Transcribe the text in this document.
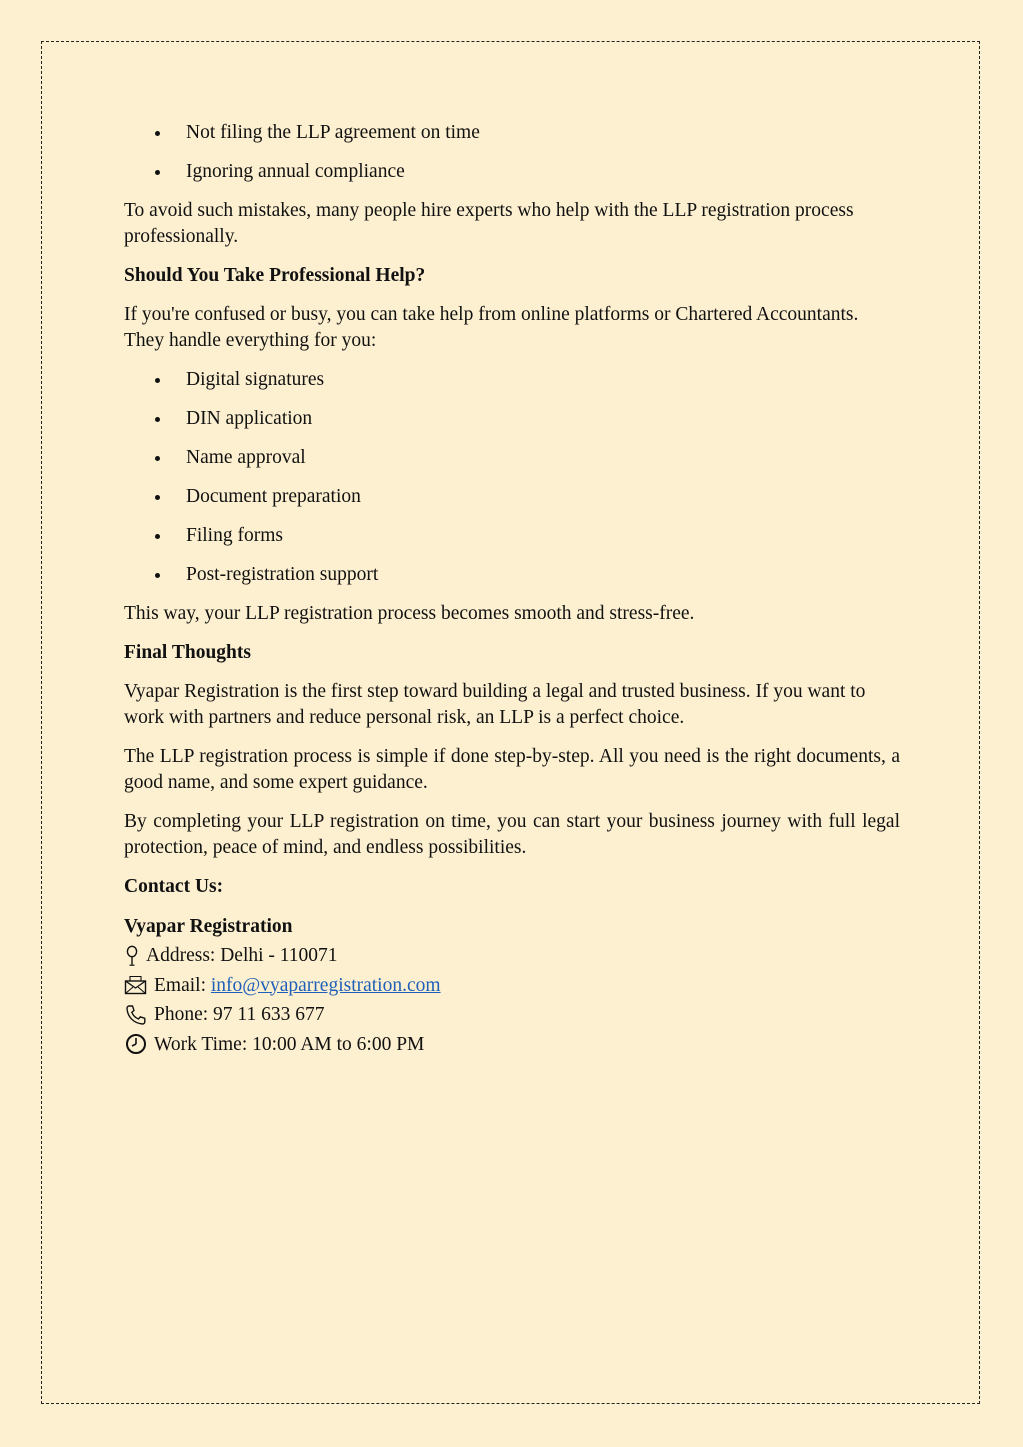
Not filing the LLP agreement on time
Ignoring annual compliance

To avoid such mistakes, many people hire experts who help with the LLP registration process professionally.

Should You Take Professional Help?

If you're confused or busy, you can take help from online platforms or Chartered Accountants. They handle everything for you:

Digital signatures
DIN application
Name approval
Document preparation
Filing forms
Post-registration support

This way, your LLP registration process becomes smooth and stress-free.

Final Thoughts

Vyapar Registration is the first step toward building a legal and trusted business. If you want to work with partners and reduce personal risk, an LLP is a perfect choice.

The LLP registration process is simple if done step-by-step. All you need is the right documents, a good name, and some expert guidance.

By completing your LLP registration on time, you can start your business journey with full legal protection, peace of mind, and endless possibilities.

Contact Us:
Vyapar Registration
Address: Delhi - 110071
Email: info@vyaparregistration.com
Phone: 97 11 633 677
Work Time: 10:00 AM to 6:00 PM
